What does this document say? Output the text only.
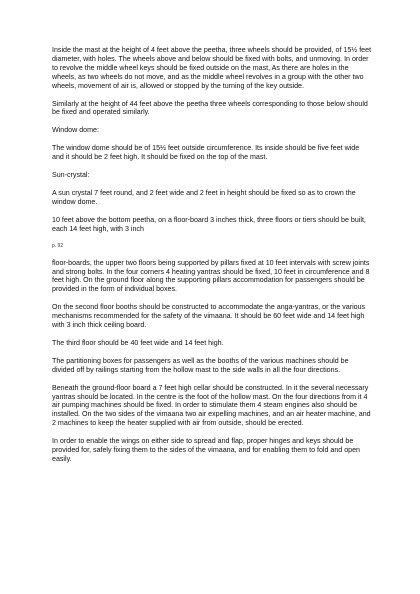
Inside the mast at the height of 4 feet above the peetha, three wheels should be provided, of 15½ feet diameter, with holes. The wheels above and below should be fixed with bolts, and unmoving. In order to revolve the middle wheel keys should be fixed outside on the mast, As there are holes in the wheels, as two wheels do not move, and as the middle wheel revolves in a group with the other two wheels, movement of air is, allowed or stopped by the turning of the key outside.

Similarly at the height of 44 feet above the peetha three wheels corresponding to those below should be fixed and operated similarly.

Window dome:

The window dome should be of 15½ feet outside circumference. Its inside should be five feet wide and it should be 2 feet high. It should be fixed on the top of the mast.

Sun-crystal:

A sun crystal 7 feet round, and 2 feet wide and 2 feet in height should be fixed so as to crown the window dome.

10 feet above the bottom peetha, on a floor-board 3 inches thick, three floors or tiers should be built, each 14 feet high, with 3 inch

p. 92

floor-boards, the upper two floors being supported by pillars fixed at 10 feet intervals with screw joints and strong bolts. In the four corners 4 heating yantras should be fixed, 10 feet in circumference and 8 feet high. On the ground floor along the supporting pillars accommodation for passengers should be provided in the form of individual boxes.

On the second floor booths should be constructed to accommodate the anga-yantras, or the various mechanisms recommended for the safety of the vimaana. It should be 60 feet wide and 14 feet high with 3 inch thick ceiling board.

The third floor should be 40 feet wide and 14 feet high.

The partitioning boxes for passengers as well as the booths of the various machines should be divided off by railings starting from the hollow mast to the side walls in all the four directions.

Beneath the ground-floor board a 7 feet high cellar should be constructed. In it the several necessary yantras should be located. In the centre is the foot of the hollow mast. On the four directions from it 4 air pumping machines should be fixed. In order to stimulate them 4 steam engines also should be installed. On the two sides of the vimaana two air expelling machines, and an air heater machine, and 2 machines to keep the heater supplied with air from outside, should be erected.

In order to enable the wings on either side to spread and flap, proper hinges and keys should be provided for, safely fixing them to the sides of the vimaana, and for enabling them to fold and open easily.
